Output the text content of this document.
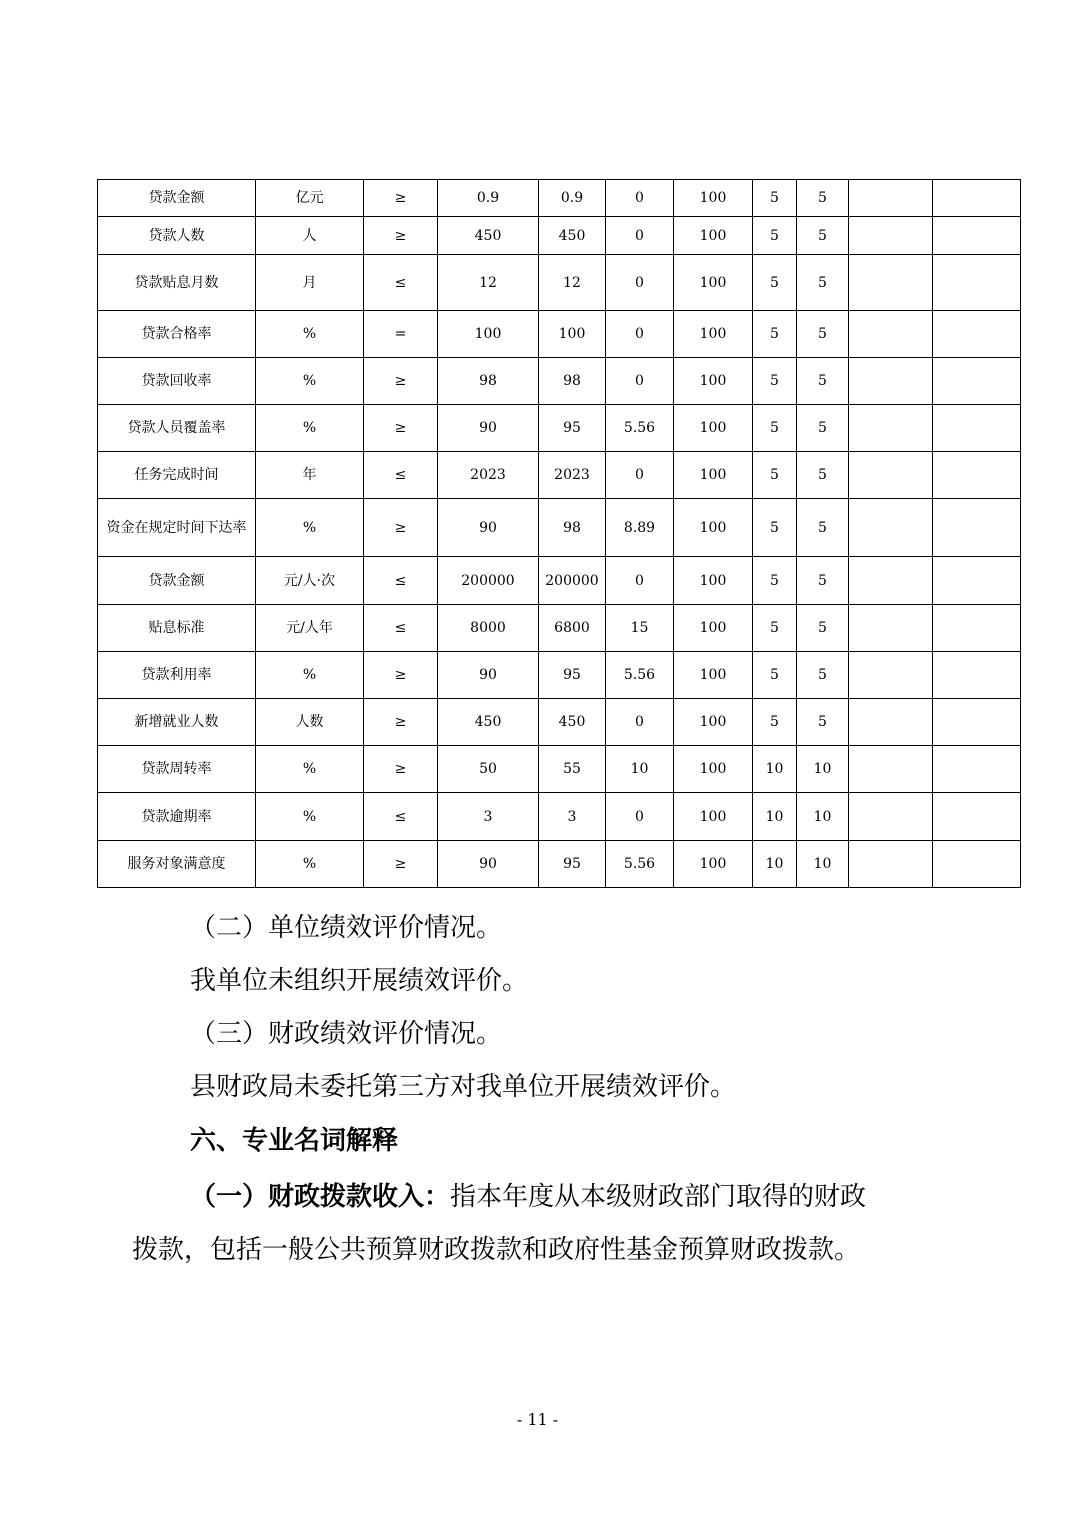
贷款金额	亿元	≥	0.9	0.9	0	100	5	5		
贷款人数	人	≥	450	450	0	100	5	5		
贷款贴息月数	月	≤	12	12	0	100	5	5		
贷款合格率	%	=	100	100	0	100	5	5		
贷款回收率	%	≥	98	98	0	100	5	5		
贷款人员覆盖率	%	≥	90	95	5.56	100	5	5		
任务完成时间	年	≤	2023	2023	0	100	5	5		
资金在规定时间下达率	%	≥	90	98	8.89	100	5	5		
贷款金额	元/人·次	≤	200000	200000	0	100	5	5		
贴息标准	元/人年	≤	8000	6800	15	100	5	5		
贷款利用率	%	≥	90	95	5.56	100	5	5		
新增就业人数	人数	≥	450	450	0	100	5	5		
贷款周转率	%	≥	50	55	10	100	10	10		
贷款逾期率	%	≤	3	3	0	100	10	10		
服务对象满意度	%	≥	90	95	5.56	100	10	10		
（二）单位绩效评价情况。
我单位未组织开展绩效评价。
（三）财政绩效评价情况。
县财政局未委托第三方对我单位开展绩效评价。
六、专业名词解释
（一）财政拨款收入：指本年度从本级财政部门取得的财政
拨款，包括一般公共预算财政拨款和政府性基金预算财政拨款。
- 11 -
